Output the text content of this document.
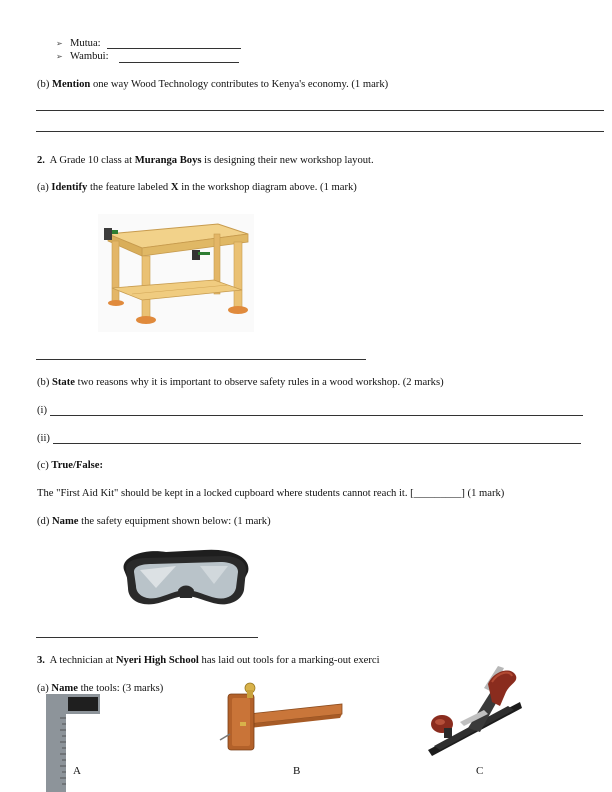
➢ Mutua:
➢ Wambui:
(b) Mention one way Wood Technology contributes to Kenya's economy. (1 mark)
2. A Grade 10 class at Muranga Boys is designing their new workshop layout.
(a) Identify the feature labeled X in the workshop diagram above. (1 mark)
(b) State two reasons why it is important to observe safety rules in a wood workshop. (2 marks)
(i)
(ii)
(c) True/False:
The "First Aid Kit" should be kept in a locked cupboard where students cannot reach it. [_________] (1 mark)
(d) Name the safety equipment shown below: (1 mark)
3. A technician at Nyeri High School has laid out tools for a marking-out exerci
(a) Name the tools: (3 marks)
A	B	C
